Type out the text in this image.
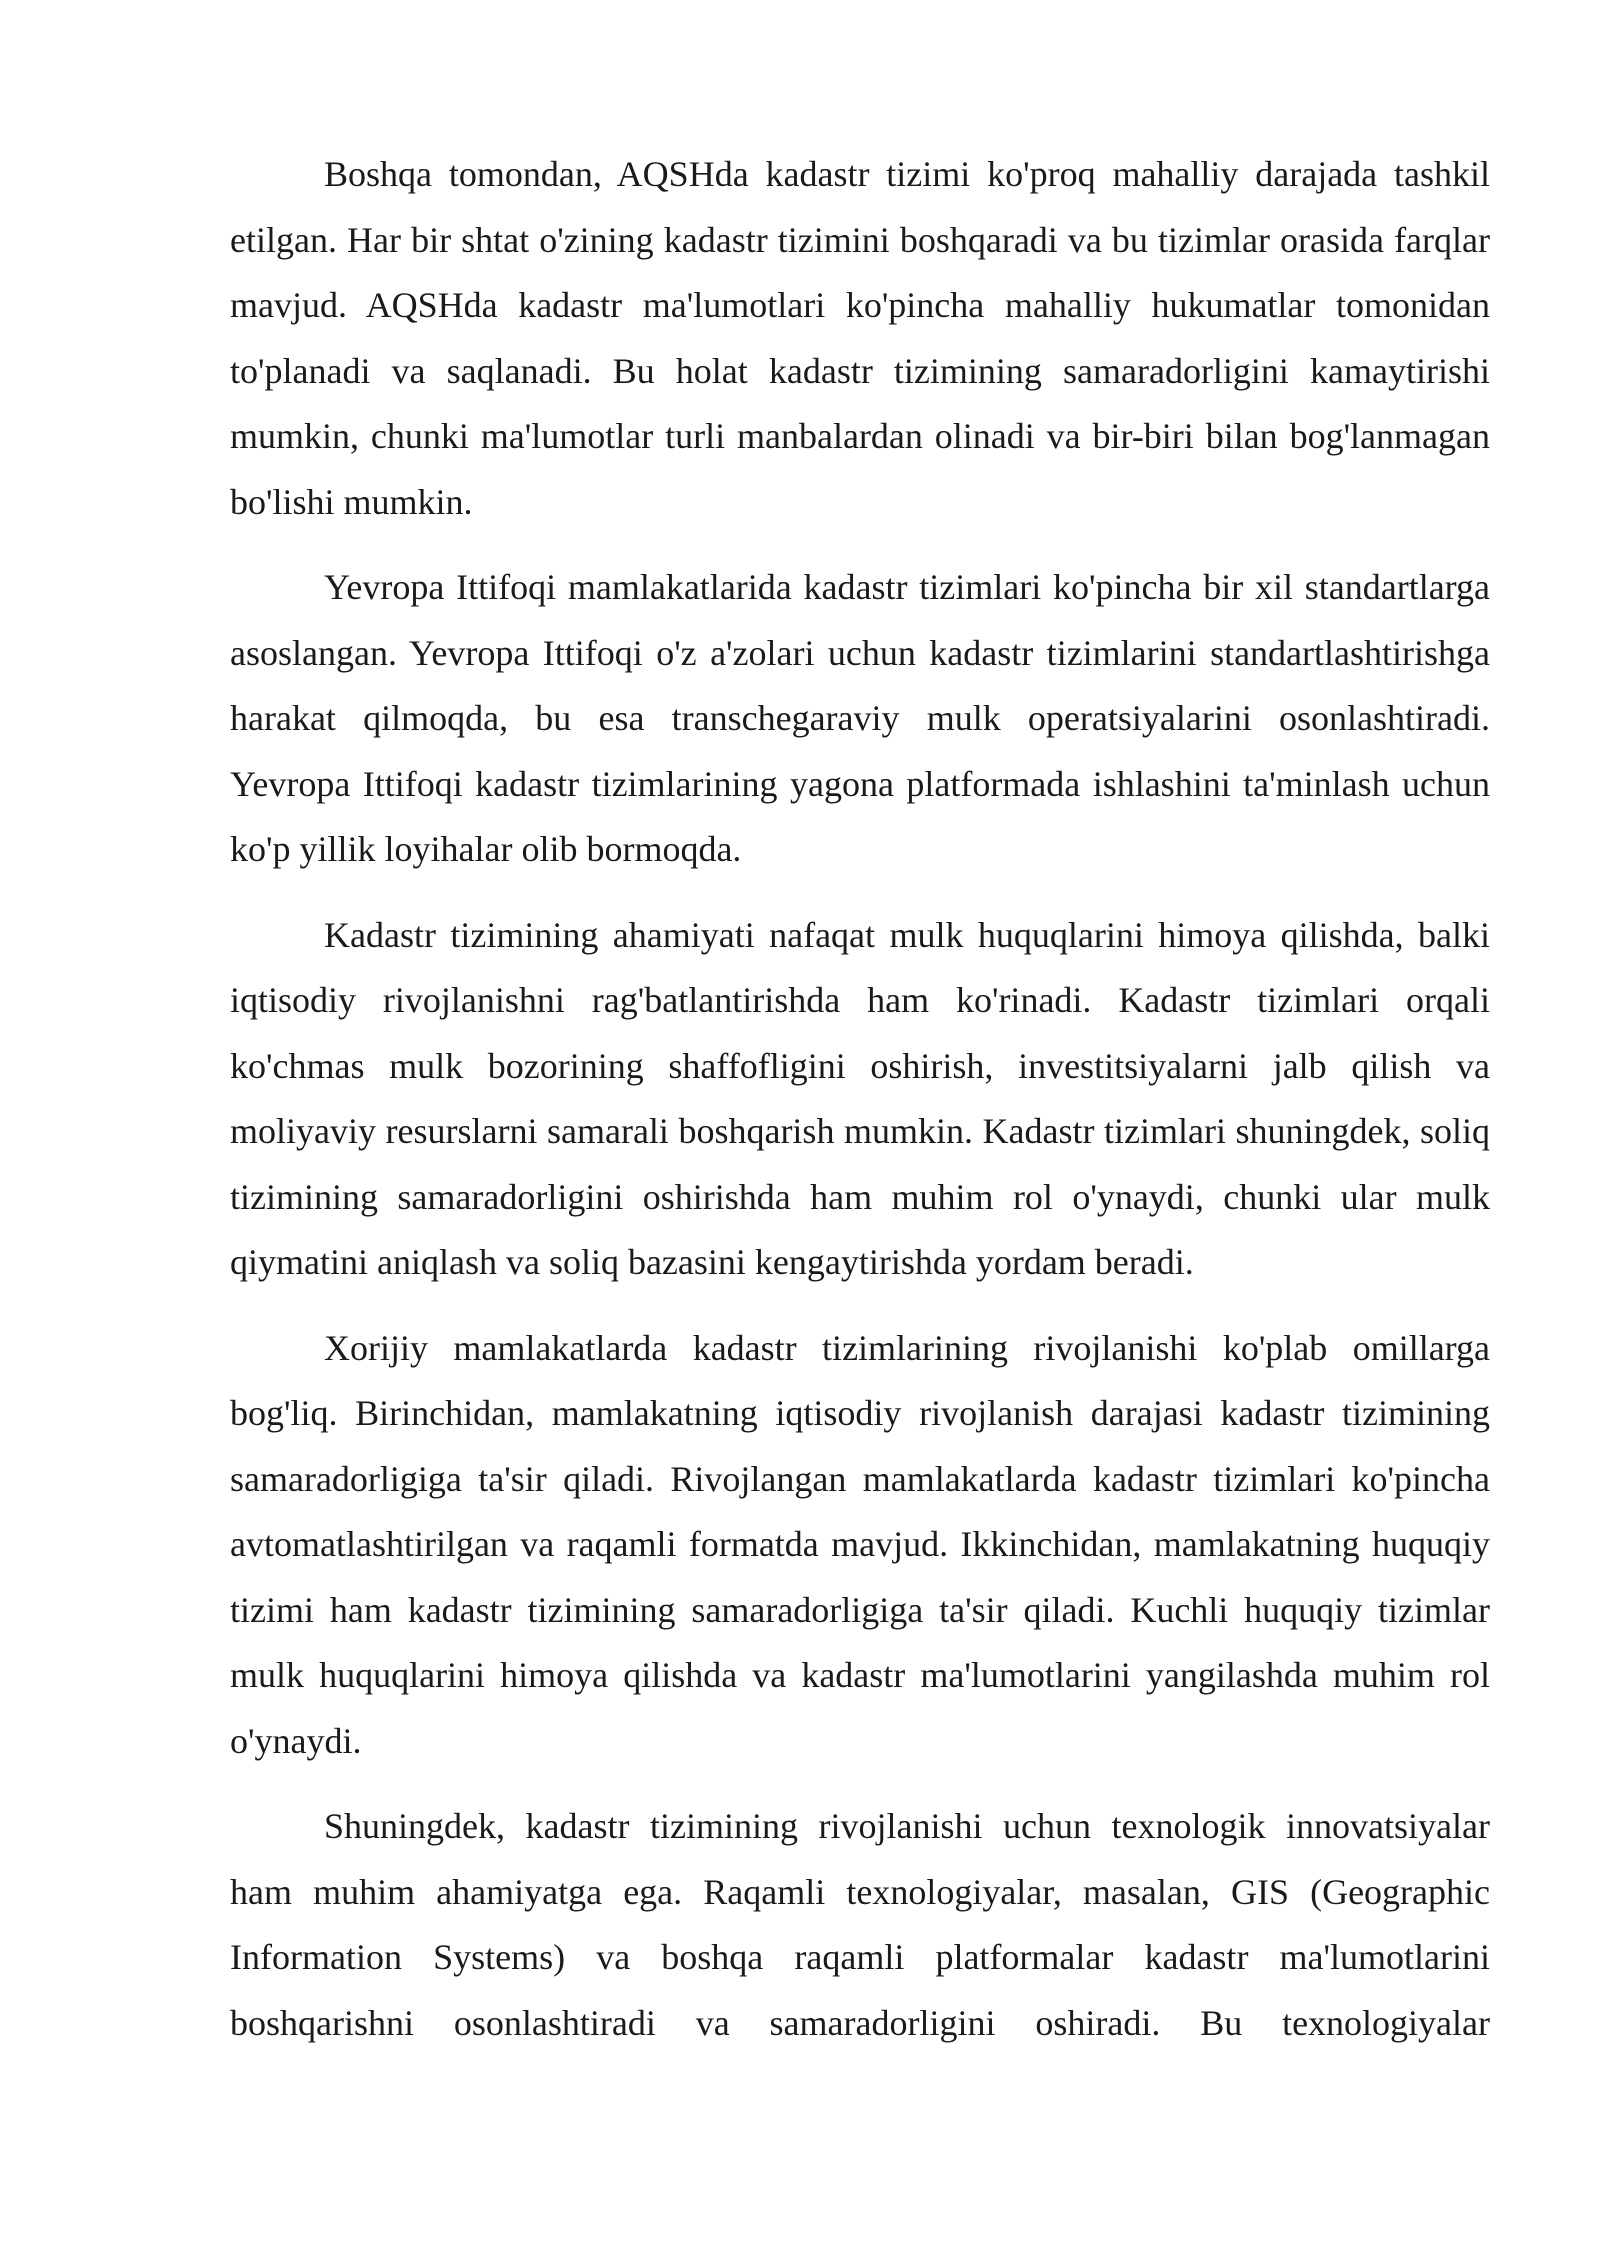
Boshqa tomondan, AQSHda kadastr tizimi ko'proq mahalliy darajada tashkil etilgan. Har bir shtat o'zining kadastr tizimini boshqaradi va bu tizimlar orasida farqlar mavjud. AQSHda kadastr ma'lumotlari ko'pincha mahalliy hukumatlar tomonidan to'planadi va saqlanadi. Bu holat kadastr tizimining samaradorligini kamaytirishi mumkin, chunki ma'lumotlar turli manbalardan olinadi va bir-biri bilan bog'lanmagan bo'lishi mumkin.

Yevropa Ittifoqi mamlakatlarida kadastr tizimlari ko'pincha bir xil standartlarga asoslangan. Yevropa Ittifoqi o'z a'zolari uchun kadastr tizimlarini standartlashtirishga harakat qilmoqda, bu esa transchegaraviy mulk operatsiyalarini osonlashtiradi. Yevropa Ittifoqi kadastr tizimlarining yagona platformada ishlashini ta'minlash uchun ko'p yillik loyihalar olib bormoqda.

Kadastr tizimining ahamiyati nafaqat mulk huquqlarini himoya qilishda, balki iqtisodiy rivojlanishni rag'batlantirishda ham ko'rinadi. Kadastr tizimlari orqali ko'chmas mulk bozorining shaffofligini oshirish, investitsiyalarni jalb qilish va moliyaviy resurslarni samarali boshqarish mumkin. Kadastr tizimlari shuningdek, soliq tizimining samaradorligini oshirishda ham muhim rol o'ynaydi, chunki ular mulk qiymatini aniqlash va soliq bazasini kengaytirishda yordam beradi.

Xorijiy mamlakatlarda kadastr tizimlarining rivojlanishi ko'plab omillarga bog'liq. Birinchidan, mamlakatning iqtisodiy rivojlanish darajasi kadastr tizimining samaradorligiga ta'sir qiladi. Rivojlangan mamlakatlarda kadastr tizimlari ko'pincha avtomatlashtirilgan va raqamli formatda mavjud. Ikkinchidan, mamlakatning huquqiy tizimi ham kadastr tizimining samaradorligiga ta'sir qiladi. Kuchli huquqiy tizimlar mulk huquqlarini himoya qilishda va kadastr ma'lumotlarini yangilashda muhim rol o'ynaydi.

Shuningdek, kadastr tizimining rivojlanishi uchun texnologik innovatsiyalar ham muhim ahamiyatga ega. Raqamli texnologiyalar, masalan, GIS (Geographic Information Systems) va boshqa raqamli platformalar kadastr ma'lumotlarini boshqarishni osonlashtiradi va samaradorligini oshiradi. Bu texnologiyalar
